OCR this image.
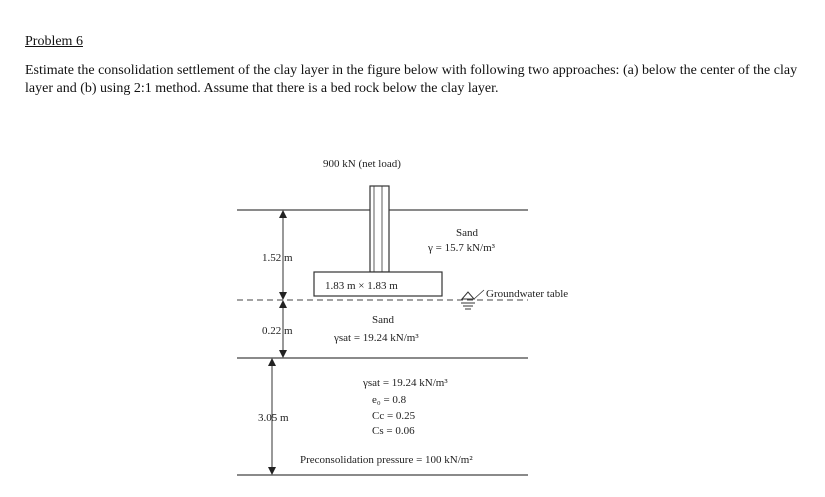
Problem 6

Estimate the consolidation settlement of the clay layer in the figure below with following two approaches: (a) below the center of the clay layer and (b) using 2:1 method. Assume that there is a bed rock below the clay layer.

900 kN (net load)
1.83 m × 1.83 m
Groundwater table
1.52 m
0.22 m
3.05 m
Sand
γ = 15.7 kN/m³
Sand
γsat = 19.24 kN/m³
γsat = 19.24 kN/m³
e₀ = 0.8
Cc = 0.25
Cs = 0.06
Preconsolidation pressure = 100 kN/m²
